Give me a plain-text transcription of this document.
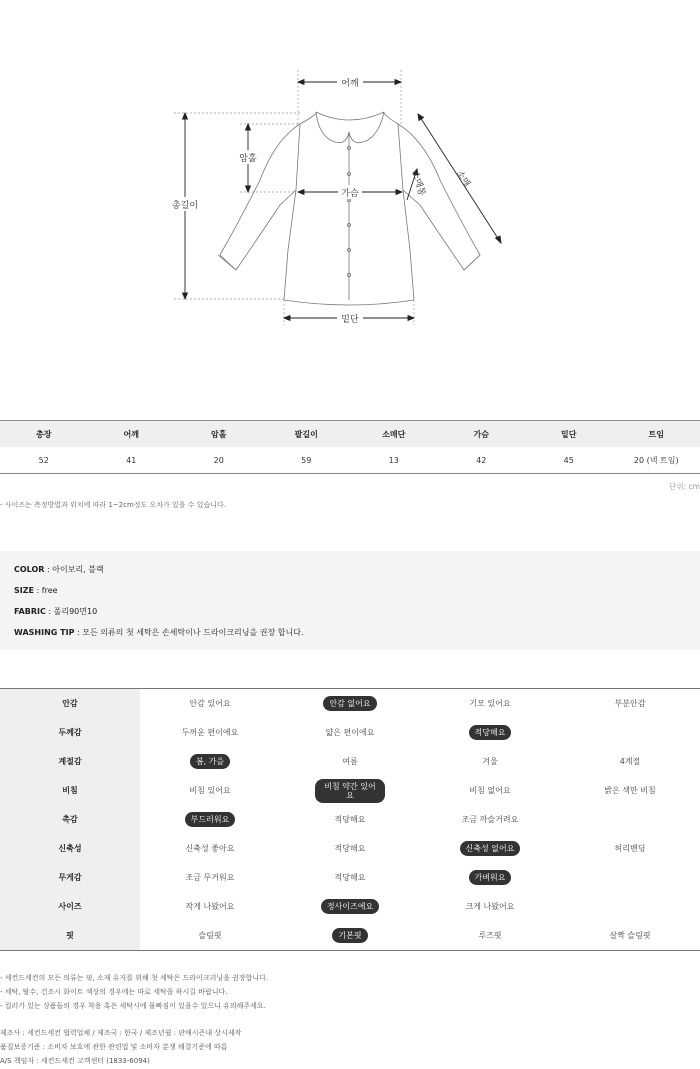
어깨
총길이
암홀
가슴
밑단
소매
소매통
총장	어깨	암홀	팔길이	소매단	가슴	밑단	트임
52	41	20	59	13	42	45	20 (넥 트임)
단위: cm
- 사이즈는 측정방법과 위치에 따라 1~2cm정도 오차가 있을 수 있습니다.
COLOR : 아이보리, 블랙
SIZE : free
FABRIC : 폴리90면10
WASHING TIP : 모든 의류의 첫 세탁은 손세탁이나 드라이크리닝을 권장 합니다.
안감	안감 있어요	안감 없어요	기모 있어요	부분안감
두께감	두꺼운 편이에요	얇은 편이에요	적당해요
계절감	봄, 가을	여름	겨울	4계절
비침	비침 있어요	비침 약간 있어요	비침 없어요	밝은 색만 비침
촉감	부드러워요	적당해요	조금 까슬거려요
신축성	신축성 좋아요	적당해요	신축성 없어요	허리밴딩
무게감	조금 무거워요	적당해요	가벼워요
사이즈	작게 나왔어요	정사이즈에요	크게 나왔어요
핏	슬림핏	기본핏	루즈핏	살짝 슬림핏
- 세컨드세컨의 모든 의류는 핏, 소재 유지를 위해 첫 세탁은 드라이크리닝을 권장합니다.
- 세탁, 탈수, 건조시 화이트 색상의 경우에는 따로 세탁을 하시길 바랍니다.
- 컬러가 있는 상품들의 경우 착용 혹은 세탁시에 물빠짐이 있을수 있으니 유의해주세요.
제조사 : 세컨드세컨 협력업체 / 제조국 : 한국 / 제조년월 : 판매시즌내 상시제작
품질보증기준 : 소비자 보호에 관한 관련법 및 소비자 분쟁 해결기준에 따름
A/S 책임자 : 세컨드세컨 고객센터 (1833-6094)
